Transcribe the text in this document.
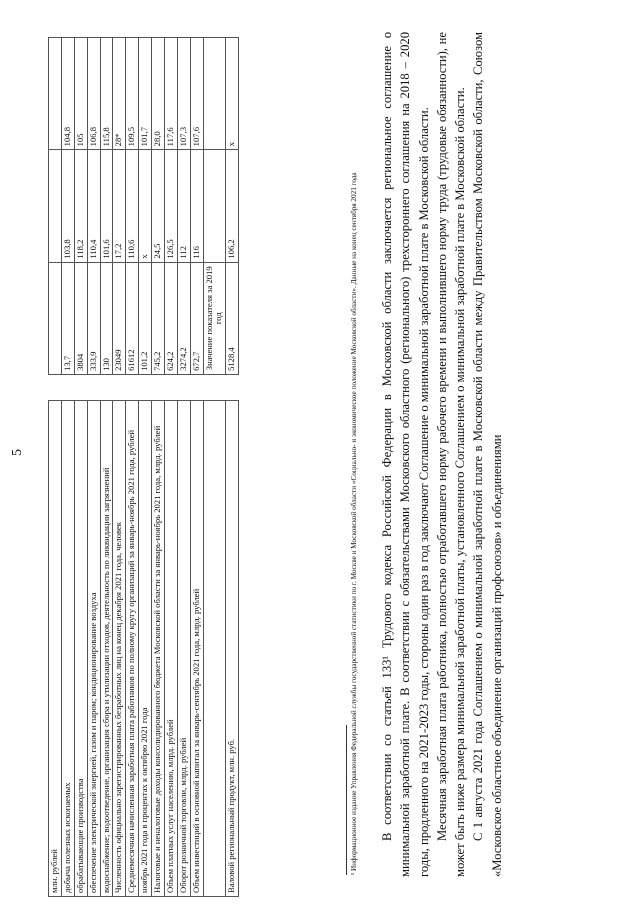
5
млн. рублей				
добыча полезных ископаемых		13,7	103,8	104,8
обрабатывающие производства		3804	118,2	105
обеспечение электрической энергией, газом и паром; кондиционирование воздуха		333,9	110,4	106,8
водоснабжение; водоотведение, организация сбора и утилизации отходов, деятельность по ликвидации загрязнений		130	101,6	115,8
Численность официально зарегистрированных безработных лиц на конец декабря 2021 года, человек		23049	17,2	28*
Среднемесячная начисленная заработная плата работников по полному кругу организаций за январь-ноябрь 2021 года, рублей		61612	110,6	109,5
ноябрь 2021 года в процентах к октябрю 2021 года		101,2	х	101,7
Налоговые и неналоговые доходы консолидированного бюджета Московской области за январь-ноябрь 2021 года, млрд. рублей		745,2	24,5	28,0
Объем платных услуг населению, млрд. рублей		624,2	126,5	117,6
Оборот розничной торговли, млрд. рублей		3274,2	112	107,3
Объем инвестиций в основной капитал за январь-сентябрь 2021 года, млрд. рублей		672,7	116	107,6
		Значение показателя за 2019 год		
Валовой региональный продукт, млн. руб.		5128,4	106,2	х
¹ Информационное издание Управления Федеральной службы государственной статистики по г. Москве и Московской области «Социально- и экономическое положение Московской области». Данные на конец сентября 2021 года В соответствии со статьей 133¹ Трудового кодекса Российской Федерации в Московской области заключается региональное соглашение о минимальной заработной плате. В соответствии с обязательствами Московского областного (регионального) трехстороннего соглашения на 2018 – 2020 годы, продленного на 2021-2023 годы, стороны один раз в год заключают Соглашение о минимальной заработной плате в Московской области. Месячная заработная плата работника, полностью отработавшего норму рабочего времени и выполнившего норму труда (трудовые обязанности), не может быть ниже размера минимальной заработной платы, установленного Соглашением о минимальной заработной плате в Московской области. С 1 августа 2021 года Соглашением о минимальной заработной плате в Московской области между Правительством Московской области, Союзом «Московское областное объединение организаций профсоюзов» и объединениями
